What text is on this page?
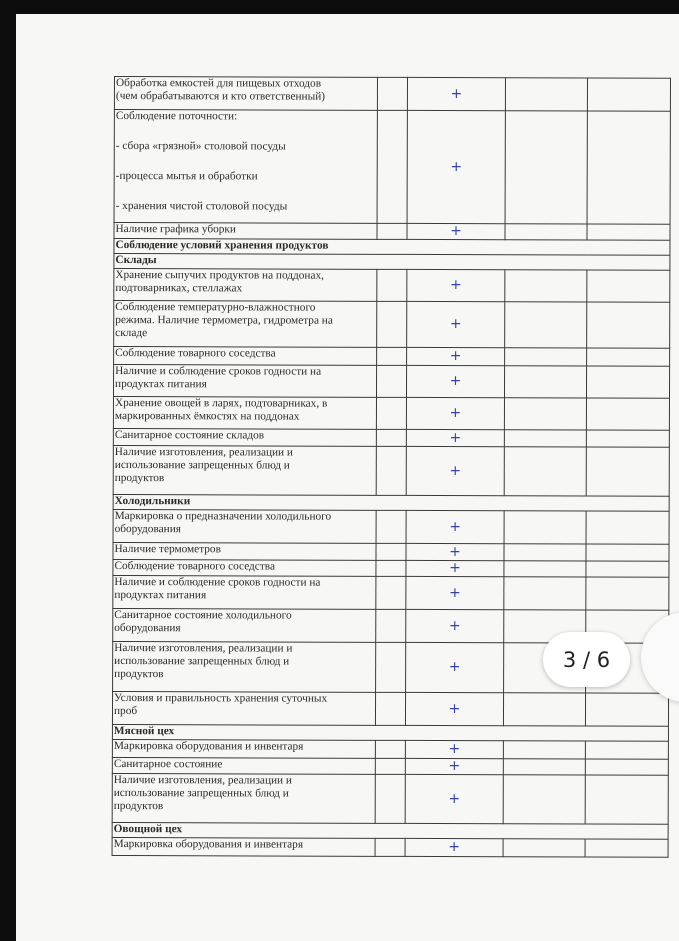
Обработка емкостей для пищевых отходов
(чем обрабатываются и кто ответственный)		+		

Соблюдение поточности:
- сбора «грязной» столовой посуды
-процесса мытья и обработки
- хранения чистой столовой посуды		+		

Наличие графика уборки		+		
Соблюдение условий хранения продуктов				
Склады				

Хранение сыпучих продуктов на поддонах,
подтоварниках, стеллажах		+		

Соблюдение температурно-влажностного
режима. Наличие термометра, гидрометра на
складе		+		

Соблюдение товарного соседства		+		

Наличие и соблюдение сроков годности на
продуктах питания		+		

Хранение овощей в ларях, подтоварниках, в
маркированных ёмкостях на поддонах		+		

Санитарное состояние складов		+		

Наличие изготовления, реализации и
использование запрещенных блюд и
продуктов		+		
Холодильники				

Маркировка о предназначении холодильного
оборудования		+		

Наличие термометров		+		

Соблюдение товарного соседства		+		

Наличие и соблюдение сроков годности на
продуктах питания		+		

Санитарное состояние холодильного
оборудования		+		

Наличие изготовления, реализации и
использование запрещенных блюд и
продуктов		+		

Условия и правильность хранения суточных
проб		+		
Мясной цех				

Маркировка оборудования и инвентаря		+		

Санитарное состояние		+		

Наличие изготовления, реализации и
использование запрещенных блюд и
продуктов		+		
Овощной цех				

Маркировка оборудования и инвентаря		+		
3 / 6
